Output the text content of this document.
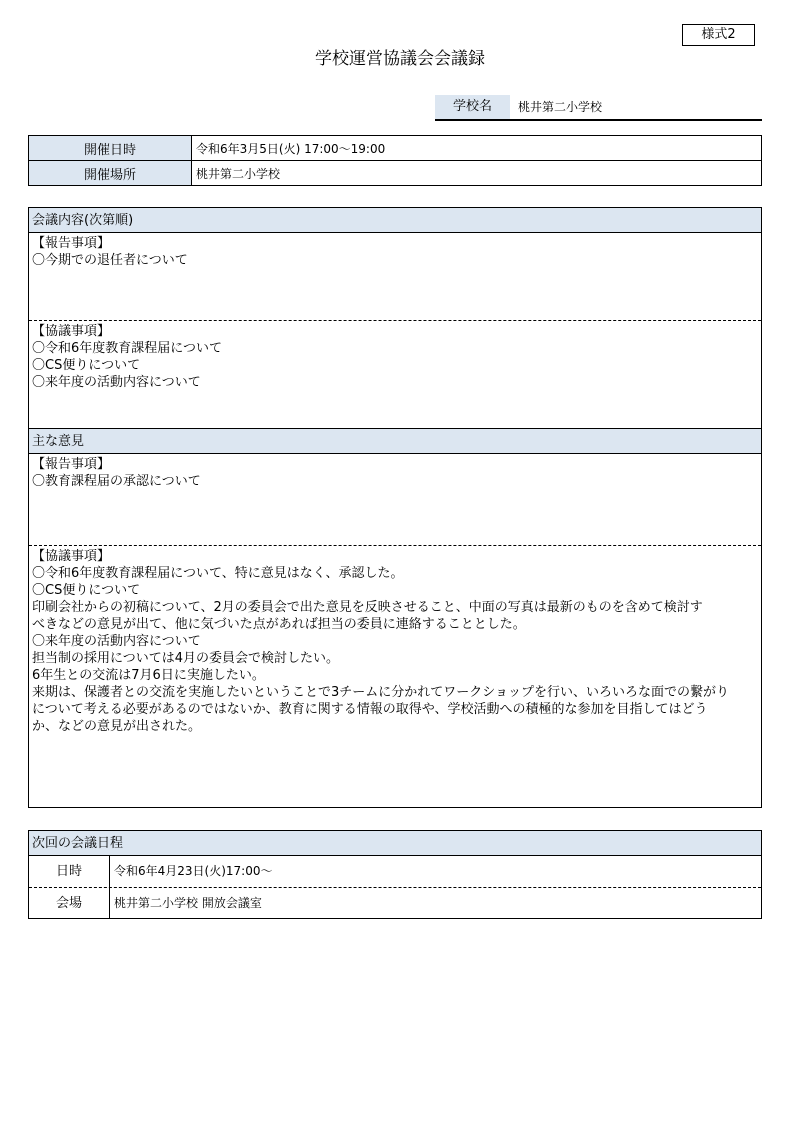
様式2
学校運営協議会会議録
学校名	桃井第二小学校
開催日時	令和6年3月5日(火) 17:00～19:00
開催場所	桃井第二小学校
会議内容(次第順)
【報告事項】
〇今期での退任者について
【協議事項】
〇令和6年度教育課程届について
〇CS便りについて
〇来年度の活動内容について
主な意見
【報告事項】
〇教育課程届の承認について
【協議事項】
〇令和6年度教育課程届について、特に意見はなく、承認した。
〇CS便りについて
印刷会社からの初稿について、2月の委員会で出た意見を反映させること、中面の写真は最新のものを含めて検討す
べきなどの意見が出て、他に気づいた点があれば担当の委員に連絡することとした。
〇来年度の活動内容について
担当制の採用については4月の委員会で検討したい。
6年生との交流は7月6日に実施したい。
来期は、保護者との交流を実施したいということで3チームに分かれてワークショップを行い、いろいろな面での繋がり
について考える必要があるのではないか、教育に関する情報の取得や、学校活動への積極的な参加を目指してはどう
か、などの意見が出された。
次回の会議日程
日時	令和6年4月23日(火)17:00～
会場	桃井第二小学校 開放会議室
